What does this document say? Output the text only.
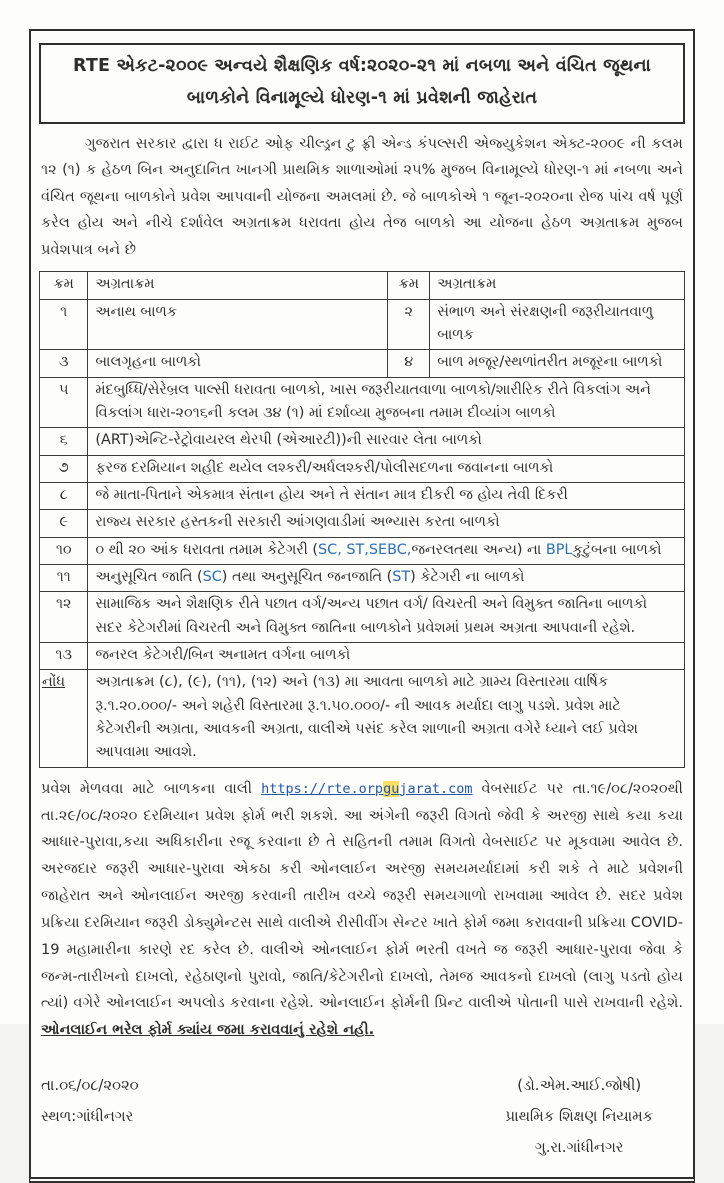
RTE એકટ-૨૦૦૯ અન્વયે શૈક્ષણિક વર્ષ:૨૦૨૦-૨૧ માં નબળા અને વંચિત જૂથના બાળકોને વિનામૂલ્યે ધોરણ-૧ માં પ્રવેશની જાહેરાત
ગુજરાત સરકાર દ્વારા ધ રાઈટ ઓફ ચીલ્ડ્રન ટુ ફ્રી એન્ડ કંપલ્સરી એજ્યુકેશન એક્ટ-૨૦૦૯ ની કલમ ૧૨ (૧) ક હેઠળ બિન અનુદાનિત ખાનગી પ્રાથમિક શાળાઓમાં ૨૫% મુજબ વિનામૂલ્યે ધોરણ-૧ માં નબળા અને વંચિત જૂથના બાળકોને પ્રવેશ આપવાની યોજના અમલમાં છે. જે બાળકોએ ૧ જૂન-૨૦૨૦ના રોજ પાંચ વર્ષ પૂર્ણ કરેલ હોય અને નીચે દર્શાવેલ અગ્રતાક્રમ ધરાવતા હોય તેજ બાળકો આ યોજના હેઠળ અગ્રતાક્રમ મુજબ પ્રવેશપાત્ર બને છે
ક્રમ	અગ્રતાક્રમ	ક્રમ	અગ્રતાક્રમ
૧	અનાથ બાળક	૨	સંભાળ અને સંરક્ષણની જરૂરીયાતવાળુ બાળક
૩	બાલગૃહના બાળકો	૪	બાળ મજૂર/સ્થળાંતરીત મજૂરના બાળકો
૫	મંદબુધ્ધિ/સેરેબ્રલ પાલ્સી ધરાવતા બાળકો, ખાસ જરૂરીયાતવાળા બાળકો/શારીરિક રીતે વિકલાંગ અને વિકલાંગ ધારા-૨૦૧૬ની કલમ ૩૪ (૧) માં દર્શાવ્યા મુજબના તમામ દીવ્યાંગ બાળકો		
૬	(ART)એન્ટિ-રેટ્રોવાયરલ થેરપી (એઆરટી))ની સારવાર લેતા બાળકો		
૭	ફરજ દરમિયાન શહીદ થયેલ લશ્કરી/અર્ધલશ્કરી/પોલીસદળના જવાનના બાળકો		
૮	જે માતા-પિતાને એકમાત્ર સંતાન હોય અને તે સંતાન માત્ર દીકરી જ હોય તેવી દિકરી		
૯	રાજ્ય સરકાર હસ્તકની સરકારી આંગણવાડીમાં અભ્યાસ કરતા બાળકો		
૧૦	૦ થી ૨૦ આંક ધરાવતા તમામ કેટેગરી (SC, ST,SEBC,જનરલતથા અન્ય) ના BPLકુટુંબના બાળકો		
૧૧	અનુસૂચિત જાતિ (SC) તથા અનુસૂચિત જનજાતિ (ST) કેટેગરી ના બાળકો		
૧૨	સામાજિક અને શૈક્ષણિક રીતે પછાત વર્ગ/અન્ય પછાત વર્ગ/ વિચરતી અને વિમુક્ત જાતિના બાળકો સદર કેટેગરીમાં વિચરતી અને વિમુક્ત જાતિના બાળકોને પ્રવેશમાં પ્રથમ અગ્રતા આપવાની રહેશે.		
૧૩	જનરલ કેટેગરી/બિન અનામત વર્ગના બાળકો		
નોંધ	અગ્રતાક્રમ (૮), (૯), (૧૧), (૧૨) અને (૧૩) મા આવતા બાળકો માટે ગ્રામ્ય વિસ્તારમા વાર્ષિક રૂ.૧.૨૦.૦૦૦/- અને શહેરી વિસ્તારમા રૂ.૧.૫૦.૦૦૦/- ની આવક મર્યાદા લાગુ પડશે. પ્રવેશ માટે કેટેગરીની અગ્રતા, આવકની અગ્રતા, વાલીએ પસંદ કરેલ શાળાની અગ્રતા વગેરે ધ્યાને લઈ પ્રવેશ આપવામા આવશે.		
પ્રવેશ મેળવવા માટે બાળકના વાલી https://rte.orpgujarat.com વેબસાઈટ પર તા.૧૯/૦૮/૨૦૨૦થી તા.૨૯/૦૮/૨૦૨૦ દરમિયાન પ્રવેશ ફોર્મ ભરી શકશે. આ અંગેની જરૂરી વિગતો જેવી કે અરજી સાથે કયા કયા આધાર-પુરાવા,કયા અધિકારીના રજૂ કરવાના છે તે સહિતની તમામ વિગતો વેબસાઈટ પર મૂકવામા આવેલ છે. અરજદાર જરૂરી આધાર-પુરાવા એકઠા કરી ઓનલાઈન અરજી સમયમર્યાદામાં કરી શકે તે માટે પ્રવેશની જાહેરાત અને ઓનલાઈન અરજી કરવાની તારીખ વચ્ચે જરૂરી સમયગાળો રાખવામા આવેલ છે. સદર પ્રવેશ પ્રક્રિયા દરમિયાન જરૂરી ડોક્યુમેન્ટસ સાથે વાલીએ રીસીવીંગ સેન્ટર ખાતે ફોર્મ જમા કરાવવાની પ્રક્રિયા COVID-19 મહામારીના કારણે રદ કરેલ છે. વાલીએ ઓનલાઈન ફોર્મ ભરતી વખતે જ જરૂરી આધાર-પુરાવા જેવા કે જન્મ-તારીખનો દાખલો, રહેઠાણનો પુરાવો, જાતિ/કેટેગરીનો દાખલો, તેમજ આવકનો દાખલો (લાગુ પડતો હોય ત્યાં) વગેરે ઓનલાઈન અપલોડ કરવાના રહેશે. ઓનલાઈન ફોર્મની પ્રિન્ટ વાલીએ પોતાની પાસે રાખવાની રહેશે. ઓનલાઈન ભરેલ ફોર્મ ક્યાંય જમા કરાવવાનું રહેશે નહી.
તા.૦૬/૦૮/૨૦૨૦
સ્થળ:ગાંધીનગર
(ડો.એમ.આઈ.જોષી)
પ્રાથમિક શિક્ષણ નિયામક
ગુ.રા.ગાંધીનગર
